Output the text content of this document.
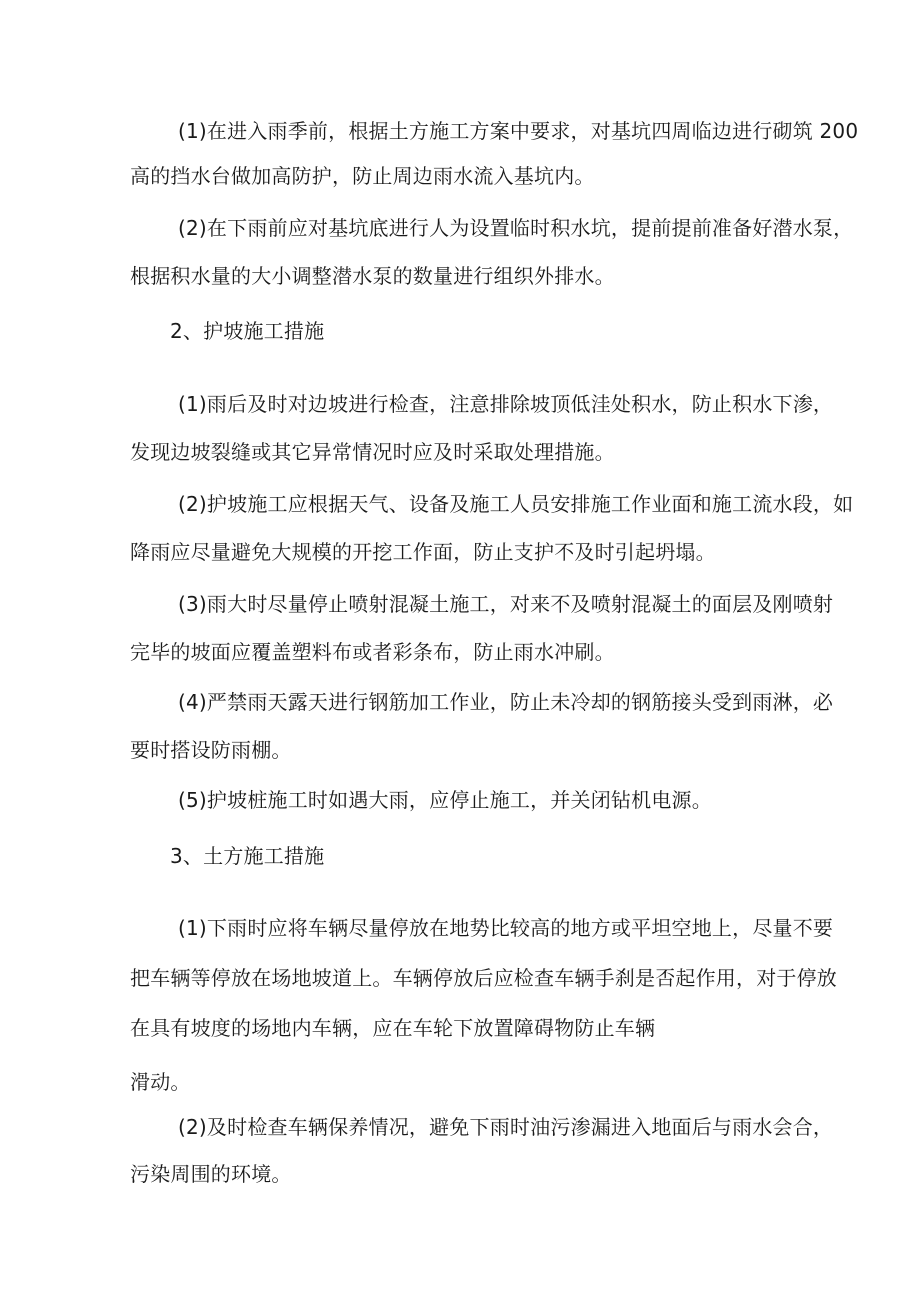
(1)在进入雨季前，根据土方施工方案中要求，对基坑四周临边进行砌筑 200
高的挡水台做加高防护，防止周边雨水流入基坑内。
(2)在下雨前应对基坑底进行人为设置临时积水坑，提前提前准备好潜水泵，
根据积水量的大小调整潜水泵的数量进行组织外排水。
2、护坡施工措施
(1)雨后及时对边坡进行检查，注意排除坡顶低洼处积水，防止积水下渗，
发现边坡裂缝或其它异常情况时应及时采取处理措施。
(2)护坡施工应根据天气、设备及施工人员安排施工作业面和施工流水段，如
降雨应尽量避免大规模的开挖工作面，防止支护不及时引起坍塌。
(3)雨大时尽量停止喷射混凝土施工，对来不及喷射混凝土的面层及刚喷射
完毕的坡面应覆盖塑料布或者彩条布，防止雨水冲刷。
(4)严禁雨天露天进行钢筋加工作业，防止未冷却的钢筋接头受到雨淋，必
要时搭设防雨棚。
(5)护坡桩施工时如遇大雨，应停止施工，并关闭钻机电源。
3、土方施工措施
(1)下雨时应将车辆尽量停放在地势比较高的地方或平坦空地上，尽量不要
把车辆等停放在场地坡道上。车辆停放后应检查车辆手刹是否起作用，对于停放
在具有坡度的场地内车辆，应在车轮下放置障碍物防止车辆
滑动。
(2)及时检查车辆保养情况，避免下雨时油污渗漏进入地面后与雨水会合，
污染周围的环境。
